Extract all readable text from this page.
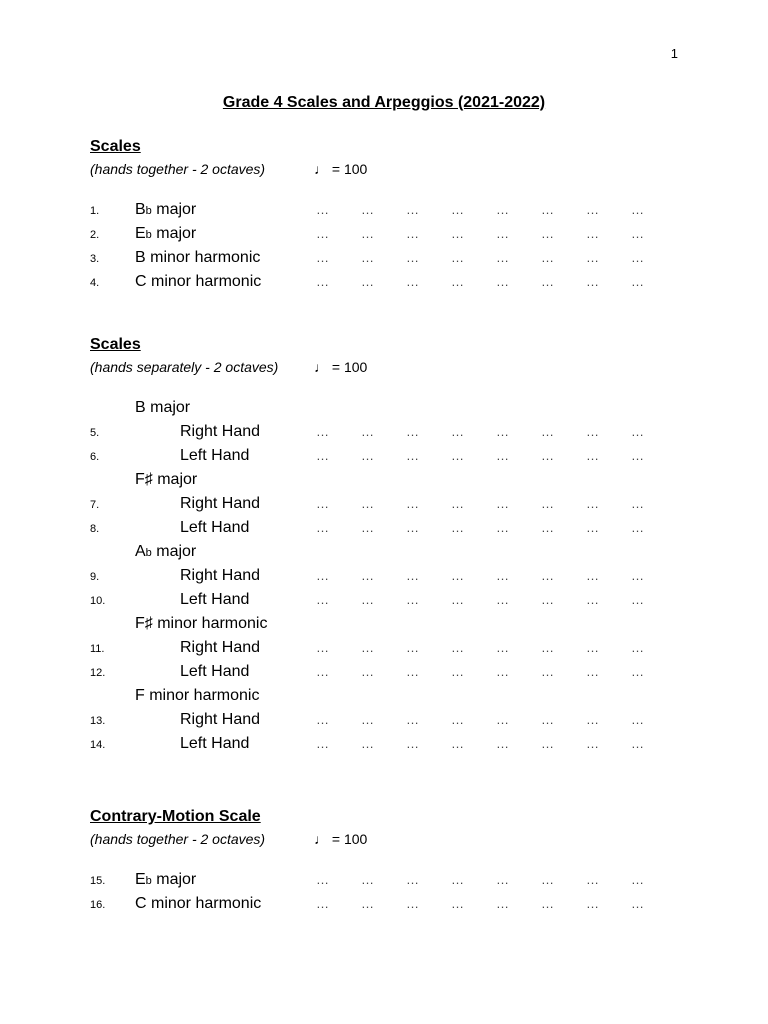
1
Grade 4 Scales and Arpeggios (2021-2022)
Scales
(hands together - 2 octaves)	♩ = 100
1. Bb major	… … … … … … … …
2. Eb major	… … … … … … … …
3. B minor harmonic	… … … … … … … …
4. C minor harmonic	… … … … … … … …
Scales
(hands separately - 2 octaves)	♩ = 100
B major
5.	Right Hand	… … … … … … … …
6.	Left Hand	… … … … … … … …
F♯ major
7.	Right Hand	… … … … … … … …
8.	Left Hand	… … … … … … … …
Ab major
9.	Right Hand	… … … … … … … …
10.	Left Hand	… … … … … … … …
F♯ minor harmonic
11.	Right Hand	… … … … … … … …
12.	Left Hand	… … … … … … … …
F minor harmonic
13.	Right Hand	… … … … … … … …
14.	Left Hand	… … … … … … … …
Contrary-Motion Scale
(hands together - 2 octaves)	♩ = 100
15. Eb major	… … … … … … … …
16. C minor harmonic	… … … … … … … …
